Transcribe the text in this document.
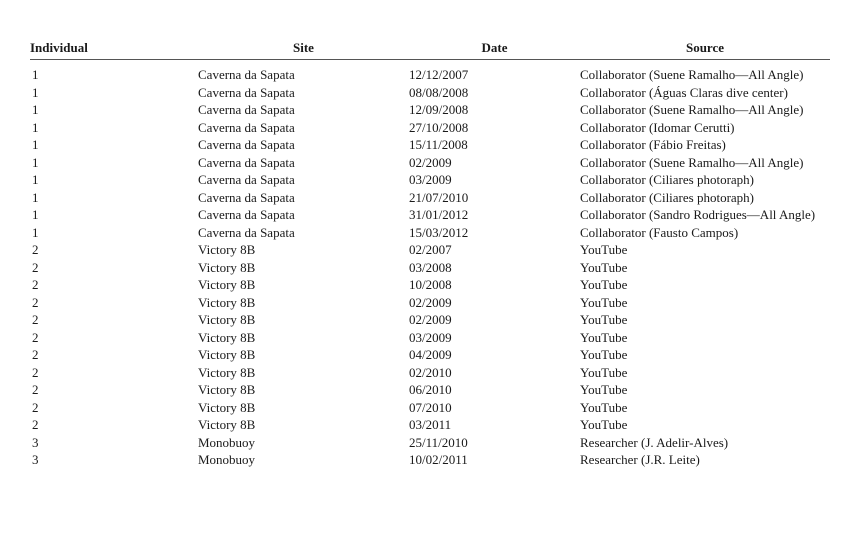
Individual	Site	Date	Source
1	Caverna da Sapata	12/12/2007	Collaborator (Suene Ramalho—All Angle)
1	Caverna da Sapata	08/08/2008	Collaborator (Águas Claras dive center)
1	Caverna da Sapata	12/09/2008	Collaborator (Suene Ramalho—All Angle)
1	Caverna da Sapata	27/10/2008	Collaborator (Idomar Cerutti)
1	Caverna da Sapata	15/11/2008	Collaborator (Fábio Freitas)
1	Caverna da Sapata	02/2009	Collaborator (Suene Ramalho—All Angle)
1	Caverna da Sapata	03/2009	Collaborator (Ciliares photoraph)
1	Caverna da Sapata	21/07/2010	Collaborator (Ciliares photoraph)
1	Caverna da Sapata	31/01/2012	Collaborator (Sandro Rodrigues—All Angle)
1	Caverna da Sapata	15/03/2012	Collaborator (Fausto Campos)
2	Victory 8B	02/2007	YouTube
2	Victory 8B	03/2008	YouTube
2	Victory 8B	10/2008	YouTube
2	Victory 8B	02/2009	YouTube
2	Victory 8B	02/2009	YouTube
2	Victory 8B	03/2009	YouTube
2	Victory 8B	04/2009	YouTube
2	Victory 8B	02/2010	YouTube
2	Victory 8B	06/2010	YouTube
2	Victory 8B	07/2010	YouTube
2	Victory 8B	03/2011	YouTube
3	Monobuoy	25/11/2010	Researcher (J. Adelir-Alves)
3	Monobuoy	10/02/2011	Researcher (J.R. Leite)
